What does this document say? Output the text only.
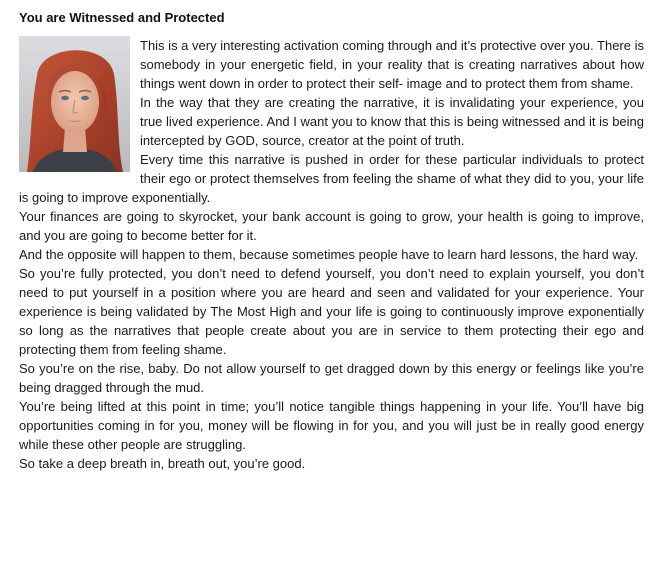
You are Witnessed and Protected

This is a very interesting activation coming through and it’s protective over you. There is somebody in your energetic field, in your reality that is creating narratives about how things went down in order to protect their self- image and to protect them from shame.

In the way that they are creating the narrative, it is invalidating your experience, you true lived experience. And I want you to know that this is being witnessed and it is being intercepted by GOD, source, creator at the point of truth.

Every time this narrative is pushed in order for these particular individuals to protect their ego or protect themselves from feeling the shame of what they did to you, your life is going to improve exponentially.

Your finances are going to skyrocket, your bank account is going to grow, your health is going to improve, and you are going to become better for it.

And the opposite will happen to them, because sometimes people have to learn hard lessons, the hard way.

So you’re fully protected, you don’t need to defend yourself, you don’t need to explain yourself, you don’t need to put yourself in a position where you are heard and seen and validated for your experience. Your experience is being validated by The Most High and your life is going to continuously improve exponentially so long as the narratives that people create about you are in service to them protecting their ego and protecting them from feeling shame.

So you’re on the rise, baby. Do not allow yourself to get dragged down by this energy or feelings like you’re being dragged through the mud.

You’re being lifted at this point in time; you’ll notice tangible things happening in your life. You’ll have big opportunities coming in for you, money will be flowing in for you, and you will just be in really good energy while these other people are struggling.

So take a deep breath in, breath out, you’re good.
